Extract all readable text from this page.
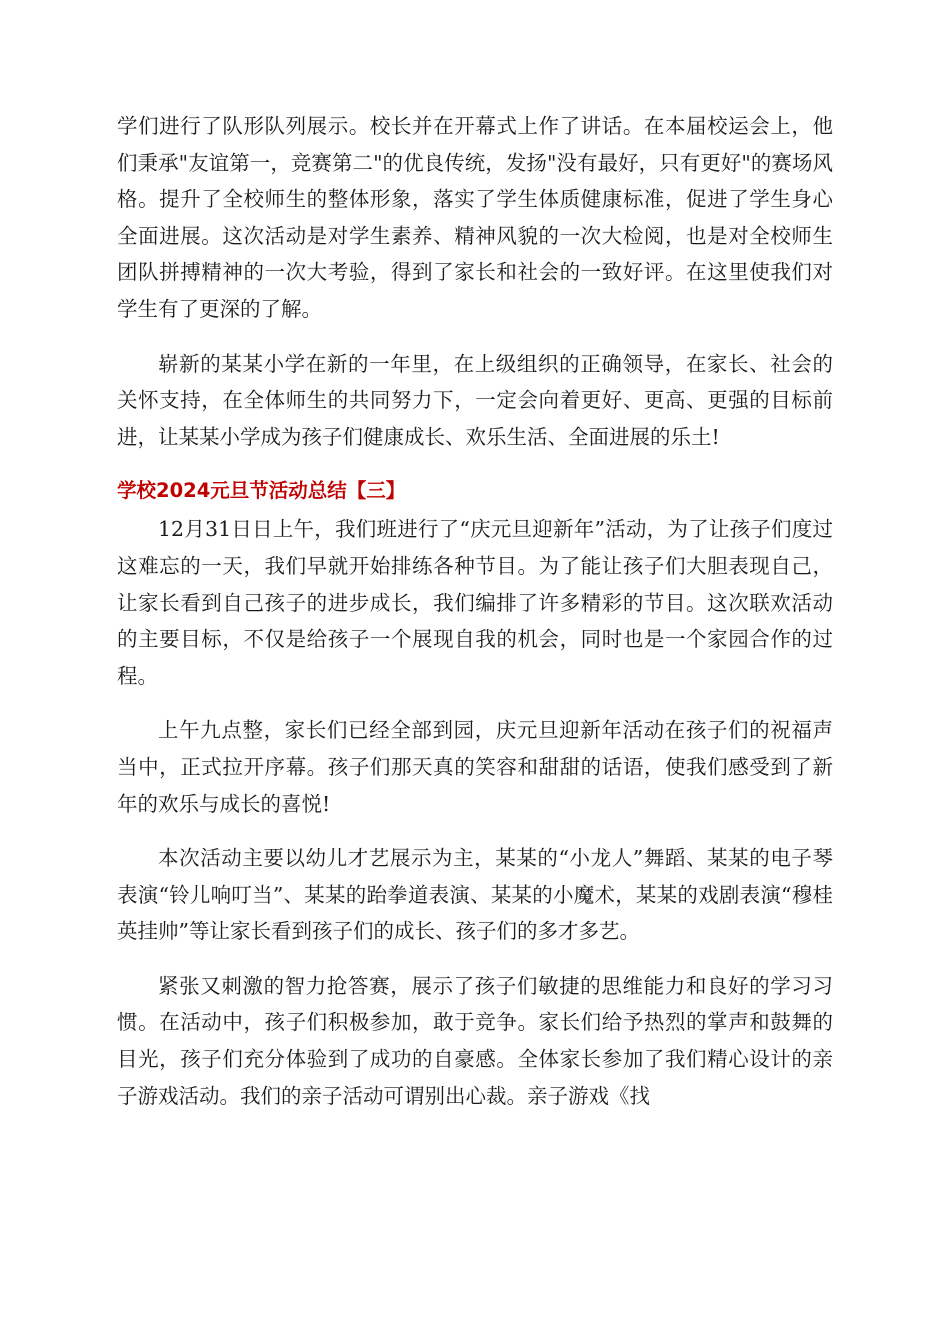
学们进行了队形队列展示。校长并在开幕式上作了讲话。在本届校运会上，他们秉承"友谊第一，竞赛第二"的优良传统，发扬"没有最好，只有更好"的赛场风格。提升了全校师生的整体形象，落实了学生体质健康标准，促进了学生身心全面进展。这次活动是对学生素养、精神风貌的一次大检阅，也是对全校师生团队拼搏精神的一次大考验，得到了家长和社会的一致好评。在这里使我们对学生有了更深的了解。

崭新的某某小学在新的一年里，在上级组织的正确领导，在家长、社会的关怀支持，在全体师生的共同努力下，一定会向着更好、更高、更强的目标前进，让某某小学成为孩子们健康成长、欢乐生活、全面进展的乐土!

学校2024元旦节活动总结【三】

12月31日日上午，我们班进行了“庆元旦迎新年”活动，为了让孩子们度过这难忘的一天，我们早就开始排练各种节目。为了能让孩子们大胆表现自己，让家长看到自己孩子的进步成长，我们编排了许多精彩的节目。这次联欢活动的主要目标，不仅是给孩子一个展现自我的机会，同时也是一个家园合作的过程。

上午九点整，家长们已经全部到园，庆元旦迎新年活动在孩子们的祝福声当中，正式拉开序幕。孩子们那天真的笑容和甜甜的话语，使我们感受到了新年的欢乐与成长的喜悦!

本次活动主要以幼儿才艺展示为主，某某的“小龙人”舞蹈、某某的电子琴表演“铃儿响叮当”、某某的跆拳道表演、某某的小魔术，某某的戏剧表演“穆桂英挂帅”等让家长看到孩子们的成长、孩子们的多才多艺。

紧张又刺激的智力抢答赛，展示了孩子们敏捷的思维能力和良好的学习习惯。在活动中，孩子们积极参加，敢于竞争。家长们给予热烈的掌声和鼓舞的目光，孩子们充分体验到了成功的自豪感。全体家长参加了我们精心设计的亲子游戏活动。我们的亲子活动可谓别出心裁。亲子游戏《找
